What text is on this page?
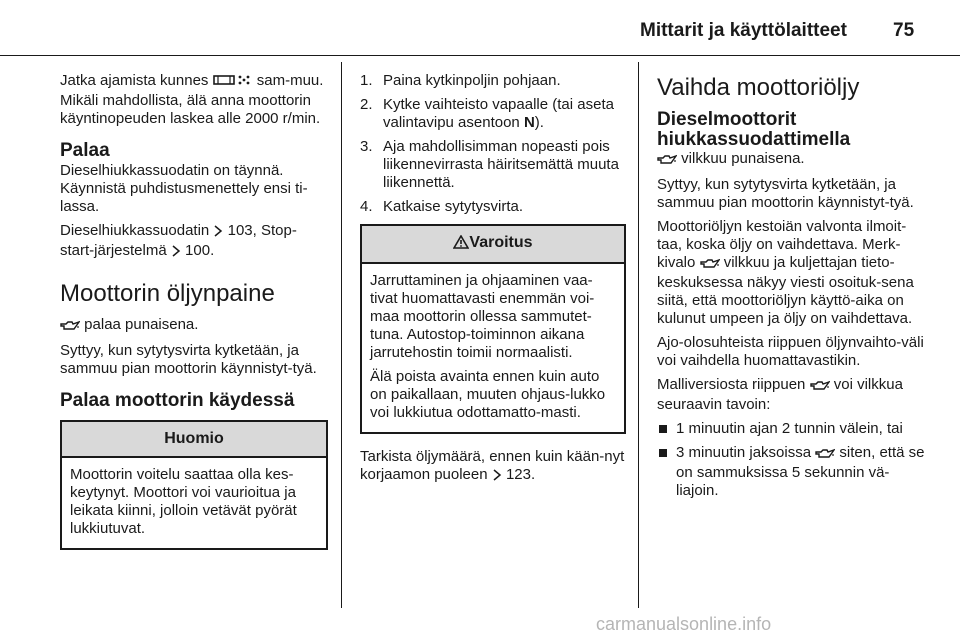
Mittarit ja käyttölaitteet 75

Jatka ajamista kunnes	sam-muu. Mikäli mahdollista, älä anna moottorin käyntinopeuden laskea alle 2000 r/min.

Palaa

Dieselhiukkassuodatin on täynnä. Käynnistä puhdistusmenettely ensi ti-lassa.

Dieselhiukkassuodatin 103, Stop-start-järjestelmä 100.

Moottorin öljynpaine

palaa punaisena.

Syttyy, kun sytytysvirta kytketään, ja sammuu pian moottorin käynnistyt-tyä.

Palaa moottorin käydessä
Huomio

Moottorin voitelu saattaa olla kes-keytynyt. Moottori voi vaurioitua ja leikata kiinni, jolloin vetävät pyörät lukkiutuvat.

1. Paina kytkinpoljin pohjaan.
2. Kytke vaihteisto vapaalle (tai aseta valintavipu asentoon N).
3. Aja mahdollisimman nopeasti pois liikennevirrasta häiritsemättä muuta liikennettä.
4. Katkaise sytytysvirta.
Varoitus

Jarruttaminen ja ohjaaminen vaa-tivat huomattavasti enemmän voi-maa moottorin ollessa sammutet-tuna. Autostop-toiminnon aikana jarrutehostin toimii normaalisti.

Älä poista avainta ennen kuin auto on paikallaan, muuten ohjaus-lukko voi lukkiutua odottamatto-masti.

Tarkista öljymäärä, ennen kuin kään-nyt korjaamon puoleen 123.

Vaihda moottoriöljy
Dieselmoottorit hiukkassuodattimella

vilkkuu punaisena.

Syttyy, kun sytytysvirta kytketään, ja sammuu pian moottorin käynnistyt-tyä.

Moottoriöljyn kestoiän valvonta ilmoit-taa, koska öljy on vaihdettava. Merk-kivalo vilkkuu ja kuljettajan tieto-keskuksessa näkyy viesti osoituk-sena siitä, että moottoriöljyn käyttö-aika on kulunut umpeen ja öljy on vaihdettava.

Ajo-olosuhteista riippuen öljynvaihto-väli voi vaihdella huomattavastikin.

Malliversiosta riippuen voi vilkkua seuraavin tavoin:

1 minuutin ajan 2 tunnin välein, tai
3 minuutin jaksoissa siten, että se on sammuksissa 5 sekunnin vä-liajoin.
carmanualsonline.info
